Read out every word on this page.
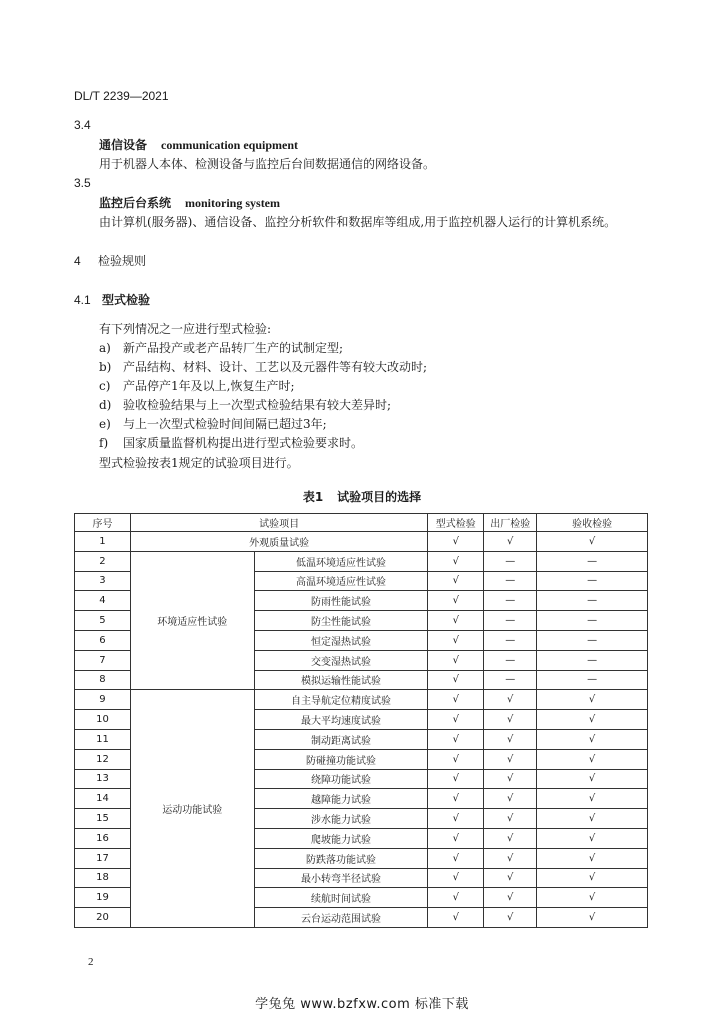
DL/T 2239—2021
3.4
通信设备 communication equipment
用于机器人本体、检测设备与监控后台间数据通信的网络设备。
3.5
监控后台系统 monitoring system
由计算机(服务器)、通信设备、监控分析软件和数据库等组成,用于监控机器人运行的计算机系统。
4 检验规则
4.1 型式检验
有下列情况之一应进行型式检验:
a) 新产品投产或老产品转厂生产的试制定型;
b) 产品结构、材料、设计、工艺以及元器件等有较大改动时;
c) 产品停产1年及以上,恢复生产时;
d) 验收检验结果与上一次型式检验结果有较大差异时;
e) 与上一次型式检验时间间隔已超过3年;
f) 国家质量监督机构提出进行型式检验要求时。
型式检验按表1规定的试验项目进行。
表1 试验项目的选择
序号	试验项目		型式检验	出厂检验	验收检验
1	外观质量试验		√	√	√
2	环境适应性试验	低温环境适应性试验	√	—	—
3		高温环境适应性试验	√	—	—
4		防雨性能试验	√	—	—
5		防尘性能试验	√	—	—
6		恒定湿热试验	√	—	—
7		交变湿热试验	√	—	—
8		模拟运输性能试验	√	—	—
9	运动功能试验	自主导航定位精度试验	√	√	√
10		最大平均速度试验	√	√	√
11		制动距离试验	√	√	√
12		防碰撞功能试验	√	√	√
13		绕障功能试验	√	√	√
14		越障能力试验	√	√	√
15		涉水能力试验	√	√	√
16		爬坡能力试验	√	√	√
17		防跌落功能试验	√	√	√
18		最小转弯半径试验	√	√	√
19		续航时间试验	√	√	√
20		云台运动范围试验	√	√	√
2
学兔兔 www.bzfxw.com 标准下载
